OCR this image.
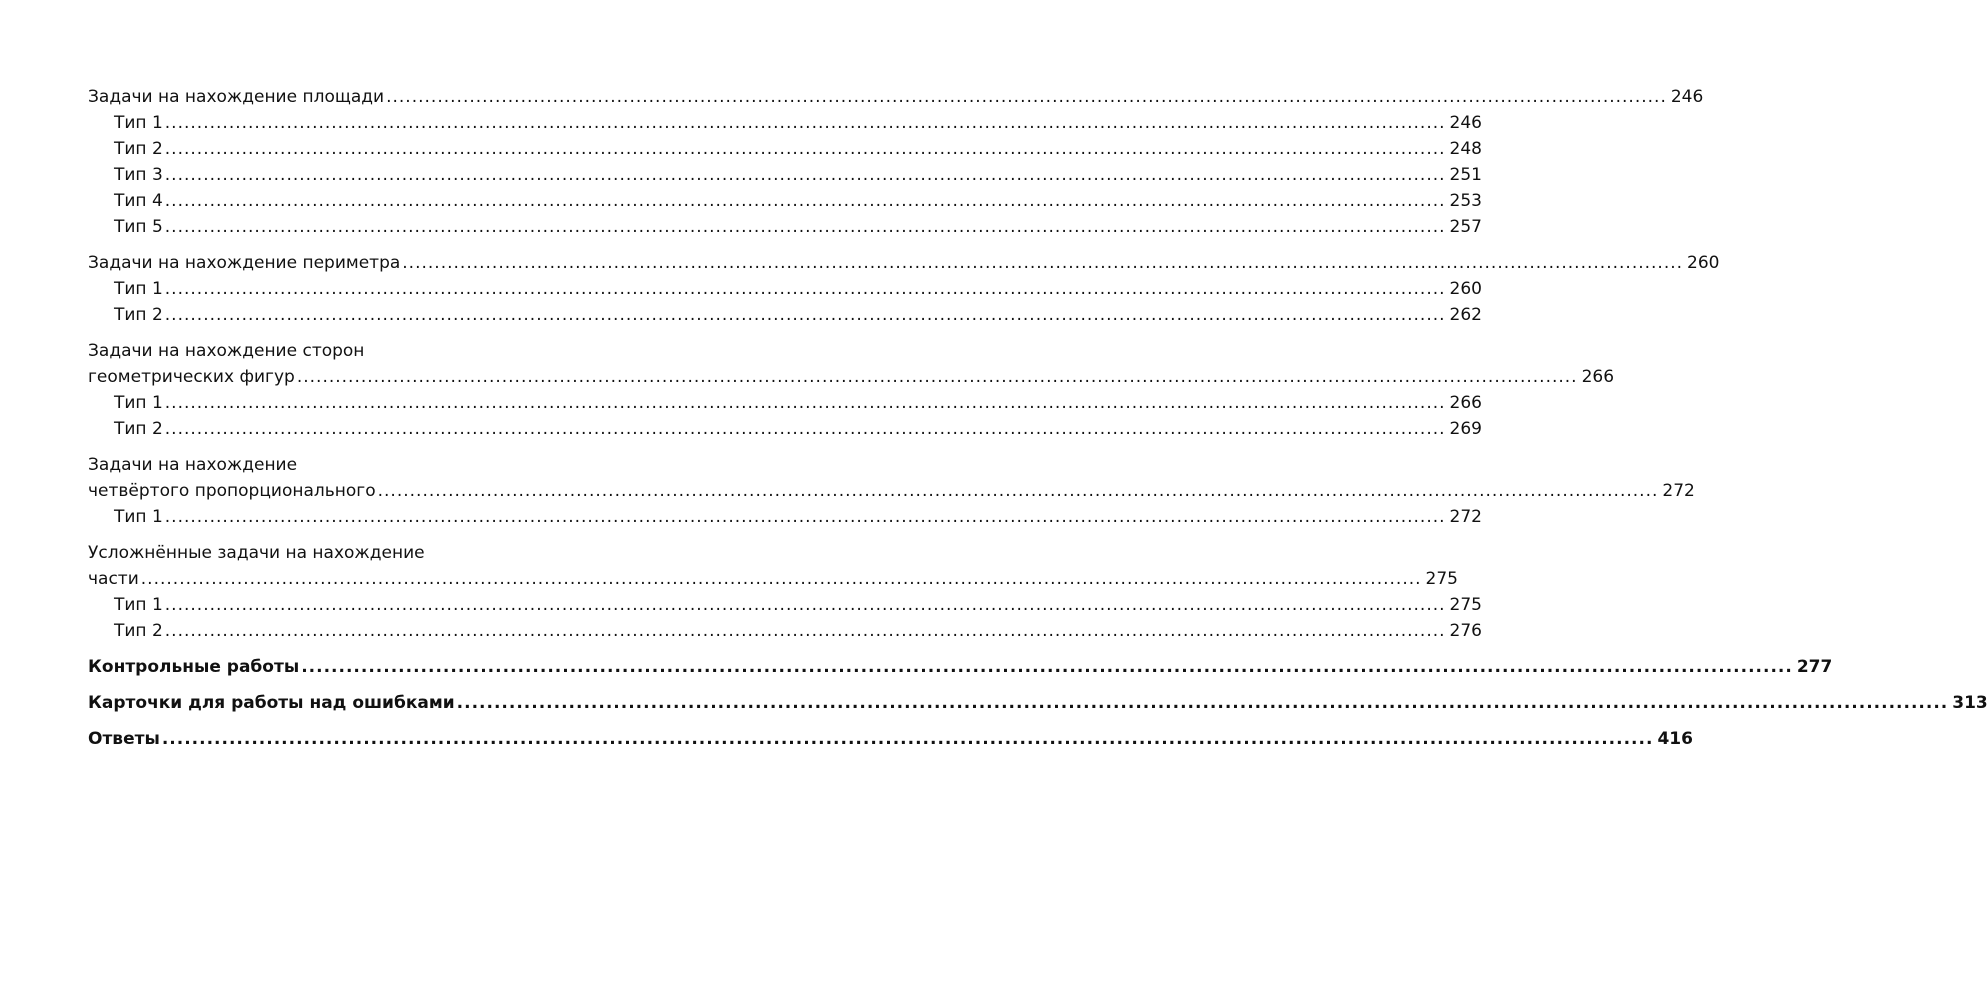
Задачи на нахождение площади ........................................................................................................................................................................................................ 246
Тип 1 ........................................................................................................................................................................................................ 246
Тип 2 ........................................................................................................................................................................................................ 248
Тип 3 ........................................................................................................................................................................................................ 251
Тип 4 ........................................................................................................................................................................................................ 253
Тип 5 ........................................................................................................................................................................................................ 257
Задачи на нахождение периметра ........................................................................................................................................................................................................ 260
Тип 1 ........................................................................................................................................................................................................ 260
Тип 2 ........................................................................................................................................................................................................ 262
Задачи на нахождение сторон
геометрических фигур ........................................................................................................................................................................................................ 266
Тип 1 ........................................................................................................................................................................................................ 266
Тип 2 ........................................................................................................................................................................................................ 269
Задачи на нахождение
четвёртого пропорционального ........................................................................................................................................................................................................ 272
Тип 1 ........................................................................................................................................................................................................ 272
Усложнённые задачи на нахождение
части ........................................................................................................................................................................................................ 275
Тип 1 ........................................................................................................................................................................................................ 275
Тип 2 ........................................................................................................................................................................................................ 276
Контрольные работы ........................................................................................................................................................................................................ 277
Карточки для работы над ошибками ........................................................................................................................................................................................................ 313
Ответы ........................................................................................................................................................................................................ 416
